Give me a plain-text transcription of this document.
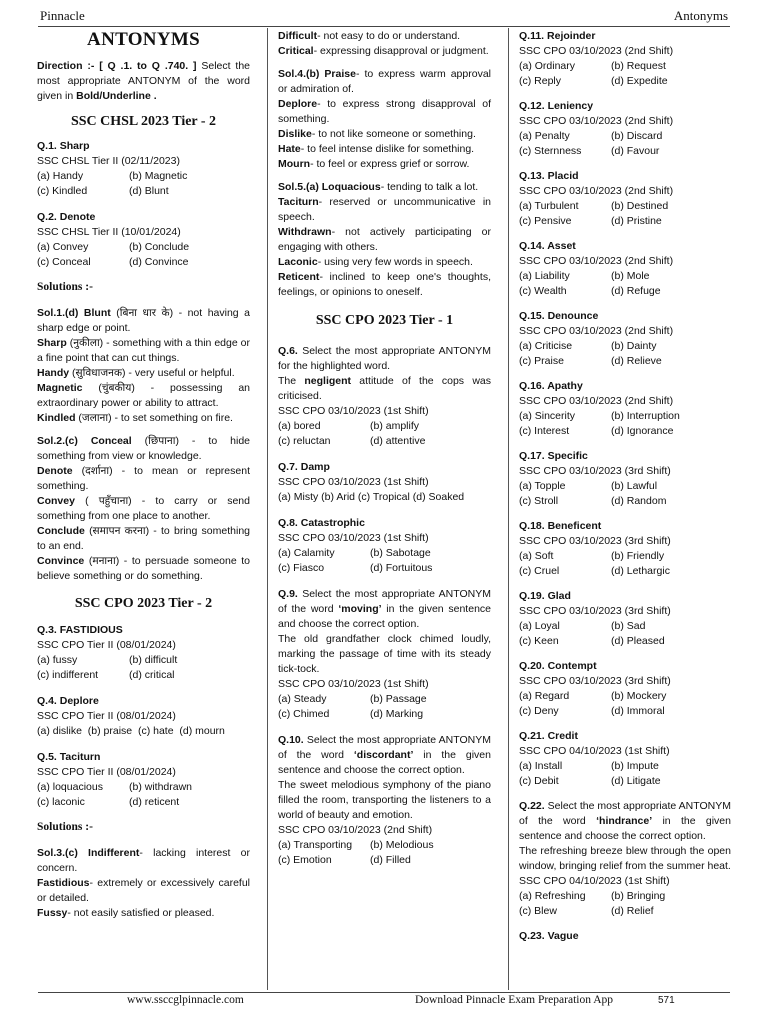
Pinnacle	Antonyms
ANTONYMS

Direction :- [ Q .1. to Q .740. ] Select the most appropriate ANTONYM of the word given in Bold/Underline .

SSC CHSL 2023 Tier - 2

Q.1. Sharp

SSC CHSL Tier II (02/11/2023)

(a) Handy	(b) Magnetic
(c) Kindled	(d) Blunt

Q.2. Denote

SSC CHSL Tier II (10/01/2024)

(a) Convey	(b) Conclude
(c) Conceal	(d) Convince
Solutions :-

Sol.1.(d) Blunt (बिना धार के) - not having a sharp edge or point.

Sharp (नुकीला) - something with a thin edge or a fine point that can cut things.

Handy (सुविधाजनक) - very useful or helpful.

Magnetic (चुंबकीय) - possessing an extraordinary power or ability to attract.

Kindled (जलाना) - to set something on fire.

Sol.2.(c) Conceal (छिपाना) - to hide something from view or knowledge.

Denote (दर्शाना) - to mean or represent something.

Convey ( पहुँचाना) - to carry or send something from one place to another.

Conclude (समापन करना) - to bring something to an end.

Convince (मनाना) - to persuade someone to believe something or do something.

SSC CPO 2023 Tier - 2

Q.3. FASTIDIOUS

SSC CPO Tier II (08/01/2024)

(a) fussy	(b) difficult
(c) indifferent	(d) critical

Q.4. Deplore

SSC CPO Tier II (08/01/2024)

(a) dislike  (b) praise  (c) hate  (d) mourn

Q.5. Taciturn

SSC CPO Tier II (08/01/2024)

(a) loquacious	(b) withdrawn
(c) laconic	(d) reticent
Solutions :-

Sol.3.(c) Indifferent- lacking interest or concern.

Fastidious- extremely or excessively careful or detailed.

Fussy- not easily satisfied or pleased.

Difficult- not easy to do or understand.

Critical- expressing disapproval or judgment.

Sol.4.(b) Praise- to express warm approval or admiration of.

Deplore- to express strong disapproval of something.

Dislike- to not like someone or something.

Hate- to feel intense dislike for something.

Mourn- to feel or express grief or sorrow.

Sol.5.(a) Loquacious- tending to talk a lot.

Taciturn- reserved or uncommunicative in speech.

Withdrawn- not actively participating or engaging with others.

Laconic- using very few words in speech.

Reticent- inclined to keep one's thoughts, feelings, or opinions to oneself.

SSC CPO 2023 Tier - 1

Q.6. Select the most appropriate ANTONYM for the highlighted word.

The negligent attitude of the cops was criticised.

SSC CPO 03/10/2023 (1st Shift)

(a) bored	(b) amplify
(c) reluctan	(d) attentive

Q.7. Damp

SSC CPO 03/10/2023 (1st Shift)

(a) Misty (b) Arid (c) Tropical (d) Soaked

Q.8. Catastrophic

SSC CPO 03/10/2023 (1st Shift)

(a) Calamity	(b) Sabotage
(c) Fiasco	(d) Fortuitous

Q.9. Select the most appropriate ANTONYM of the word ‘moving’ in the given sentence and choose the correct option.

The old grandfather clock chimed loudly, marking the passage of time with its steady tick-tock.

SSC CPO 03/10/2023 (1st Shift)

(a) Steady	(b) Passage
(c) Chimed	(d) Marking

Q.10. Select the most appropriate ANTONYM of the word ‘discordant’ in the given sentence and choose the correct option.

The sweet melodious symphony of the piano filled the room, transporting the listeners to a world of beauty and emotion.

SSC CPO 03/10/2023 (2nd Shift)

(a) Transporting	(b) Melodious
(c) Emotion	(d) Filled

Q.11. Rejoinder

SSC CPO 03/10/2023 (2nd Shift)

(a) Ordinary	(b) Request
(c) Reply	(d) Expedite

Q.12. Leniency

SSC CPO 03/10/2023 (2nd Shift)

(a) Penalty	(b) Discard
(c) Sternness	(d) Favour

Q.13. Placid

SSC CPO 03/10/2023 (2nd Shift)

(a) Turbulent	(b) Destined
(c) Pensive	(d) Pristine

Q.14. Asset

SSC CPO 03/10/2023 (2nd Shift)

(a) Liability	(b) Mole
(c) Wealth	(d) Refuge

Q.15. Denounce

SSC CPO 03/10/2023 (2nd Shift)

(a) Criticise	(b) Dainty
(c) Praise	(d) Relieve

Q.16. Apathy

SSC CPO 03/10/2023 (2nd Shift)

(a) Sincerity	(b) Interruption
(c) Interest	(d) Ignorance

Q.17. Specific

SSC CPO 03/10/2023 (3rd Shift)

(a) Topple	(b) Lawful
(c) Stroll	(d) Random

Q.18. Beneficent

SSC CPO 03/10/2023 (3rd Shift)

(a) Soft	(b) Friendly
(c) Cruel	(d) Lethargic

Q.19. Glad

SSC CPO 03/10/2023 (3rd Shift)

(a) Loyal	(b) Sad
(c) Keen	(d) Pleased

Q.20. Contempt

SSC CPO 03/10/2023 (3rd Shift)

(a) Regard	(b) Mockery
(c) Deny	(d) Immoral

Q.21. Credit

SSC CPO 04/10/2023 (1st Shift)

(a) Install	(b) Impute
(c) Debit	(d) Litigate

Q.22. Select the most appropriate ANTONYM of the word ‘hindrance’ in the given sentence and choose the correct option.

The refreshing breeze blew through the open window, bringing relief from the summer heat.

SSC CPO 04/10/2023 (1st Shift)

(a) Refreshing	(b) Bringing
(c) Blew	(d) Relief

Q.23. Vague

www.ssccglpinnacle.com	Download Pinnacle Exam Preparation App	571
